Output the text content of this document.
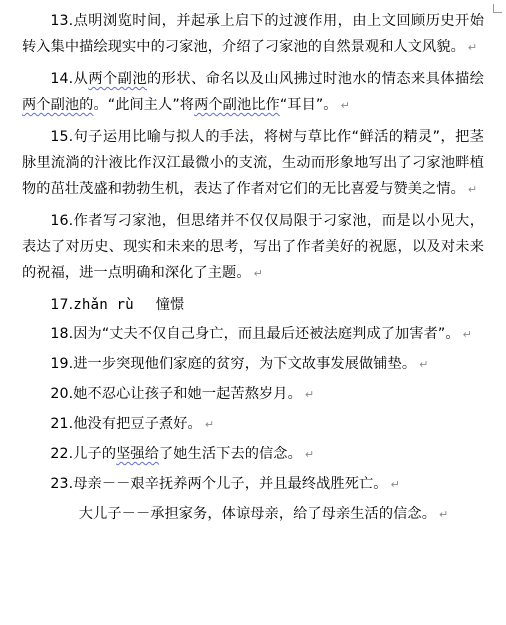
13.点明浏览时间，并起承上启下的过渡作用，由上文回顾历史开始转入集中描绘现实中的刁家池，介绍了刁家池的自然景观和人文风貌。 ↵

14.从两个副池的形状、命名以及山风拂过时池水的情态来具体描绘两个副池的。“此间主人”将两个副池比作“耳目”。 ↵

15.句子运用比喻与拟人的手法，将树与草比作“鲜活的精灵”，把茎脉里流淌的汁液比作汉江最微小的支流，生动而形象地写出了刁家池畔植物的茁壮茂盛和勃勃生机，表达了作者对它们的无比喜爱与赞美之情。 ↵

16.作者写刁家池，但思绪并不仅仅局限于刁家池，而是以小见大，表达了对历史、现实和未来的思考，写出了作者美好的祝愿，以及对未来的祝福，进一点明确和深化了主题。 ↵

17.zhǎn rù 憧憬

18.因为“丈夫不仅自己身亡，而且最后还被法庭判成了加害者”。 ↵

19.进一步突现他们家庭的贫穷，为下文故事发展做铺垫。 ↵

20.她不忍心让孩子和她一起苦熬岁月。 ↵

21.他没有把豆子煮好。 ↵

22.儿子的坚强给了她生活下去的信念。 ↵

23.母亲－－艰辛抚养两个儿子，并且最终战胜死亡。 ↵

大儿子－－承担家务，体谅母亲，给了母亲生活的信念。 ↵
